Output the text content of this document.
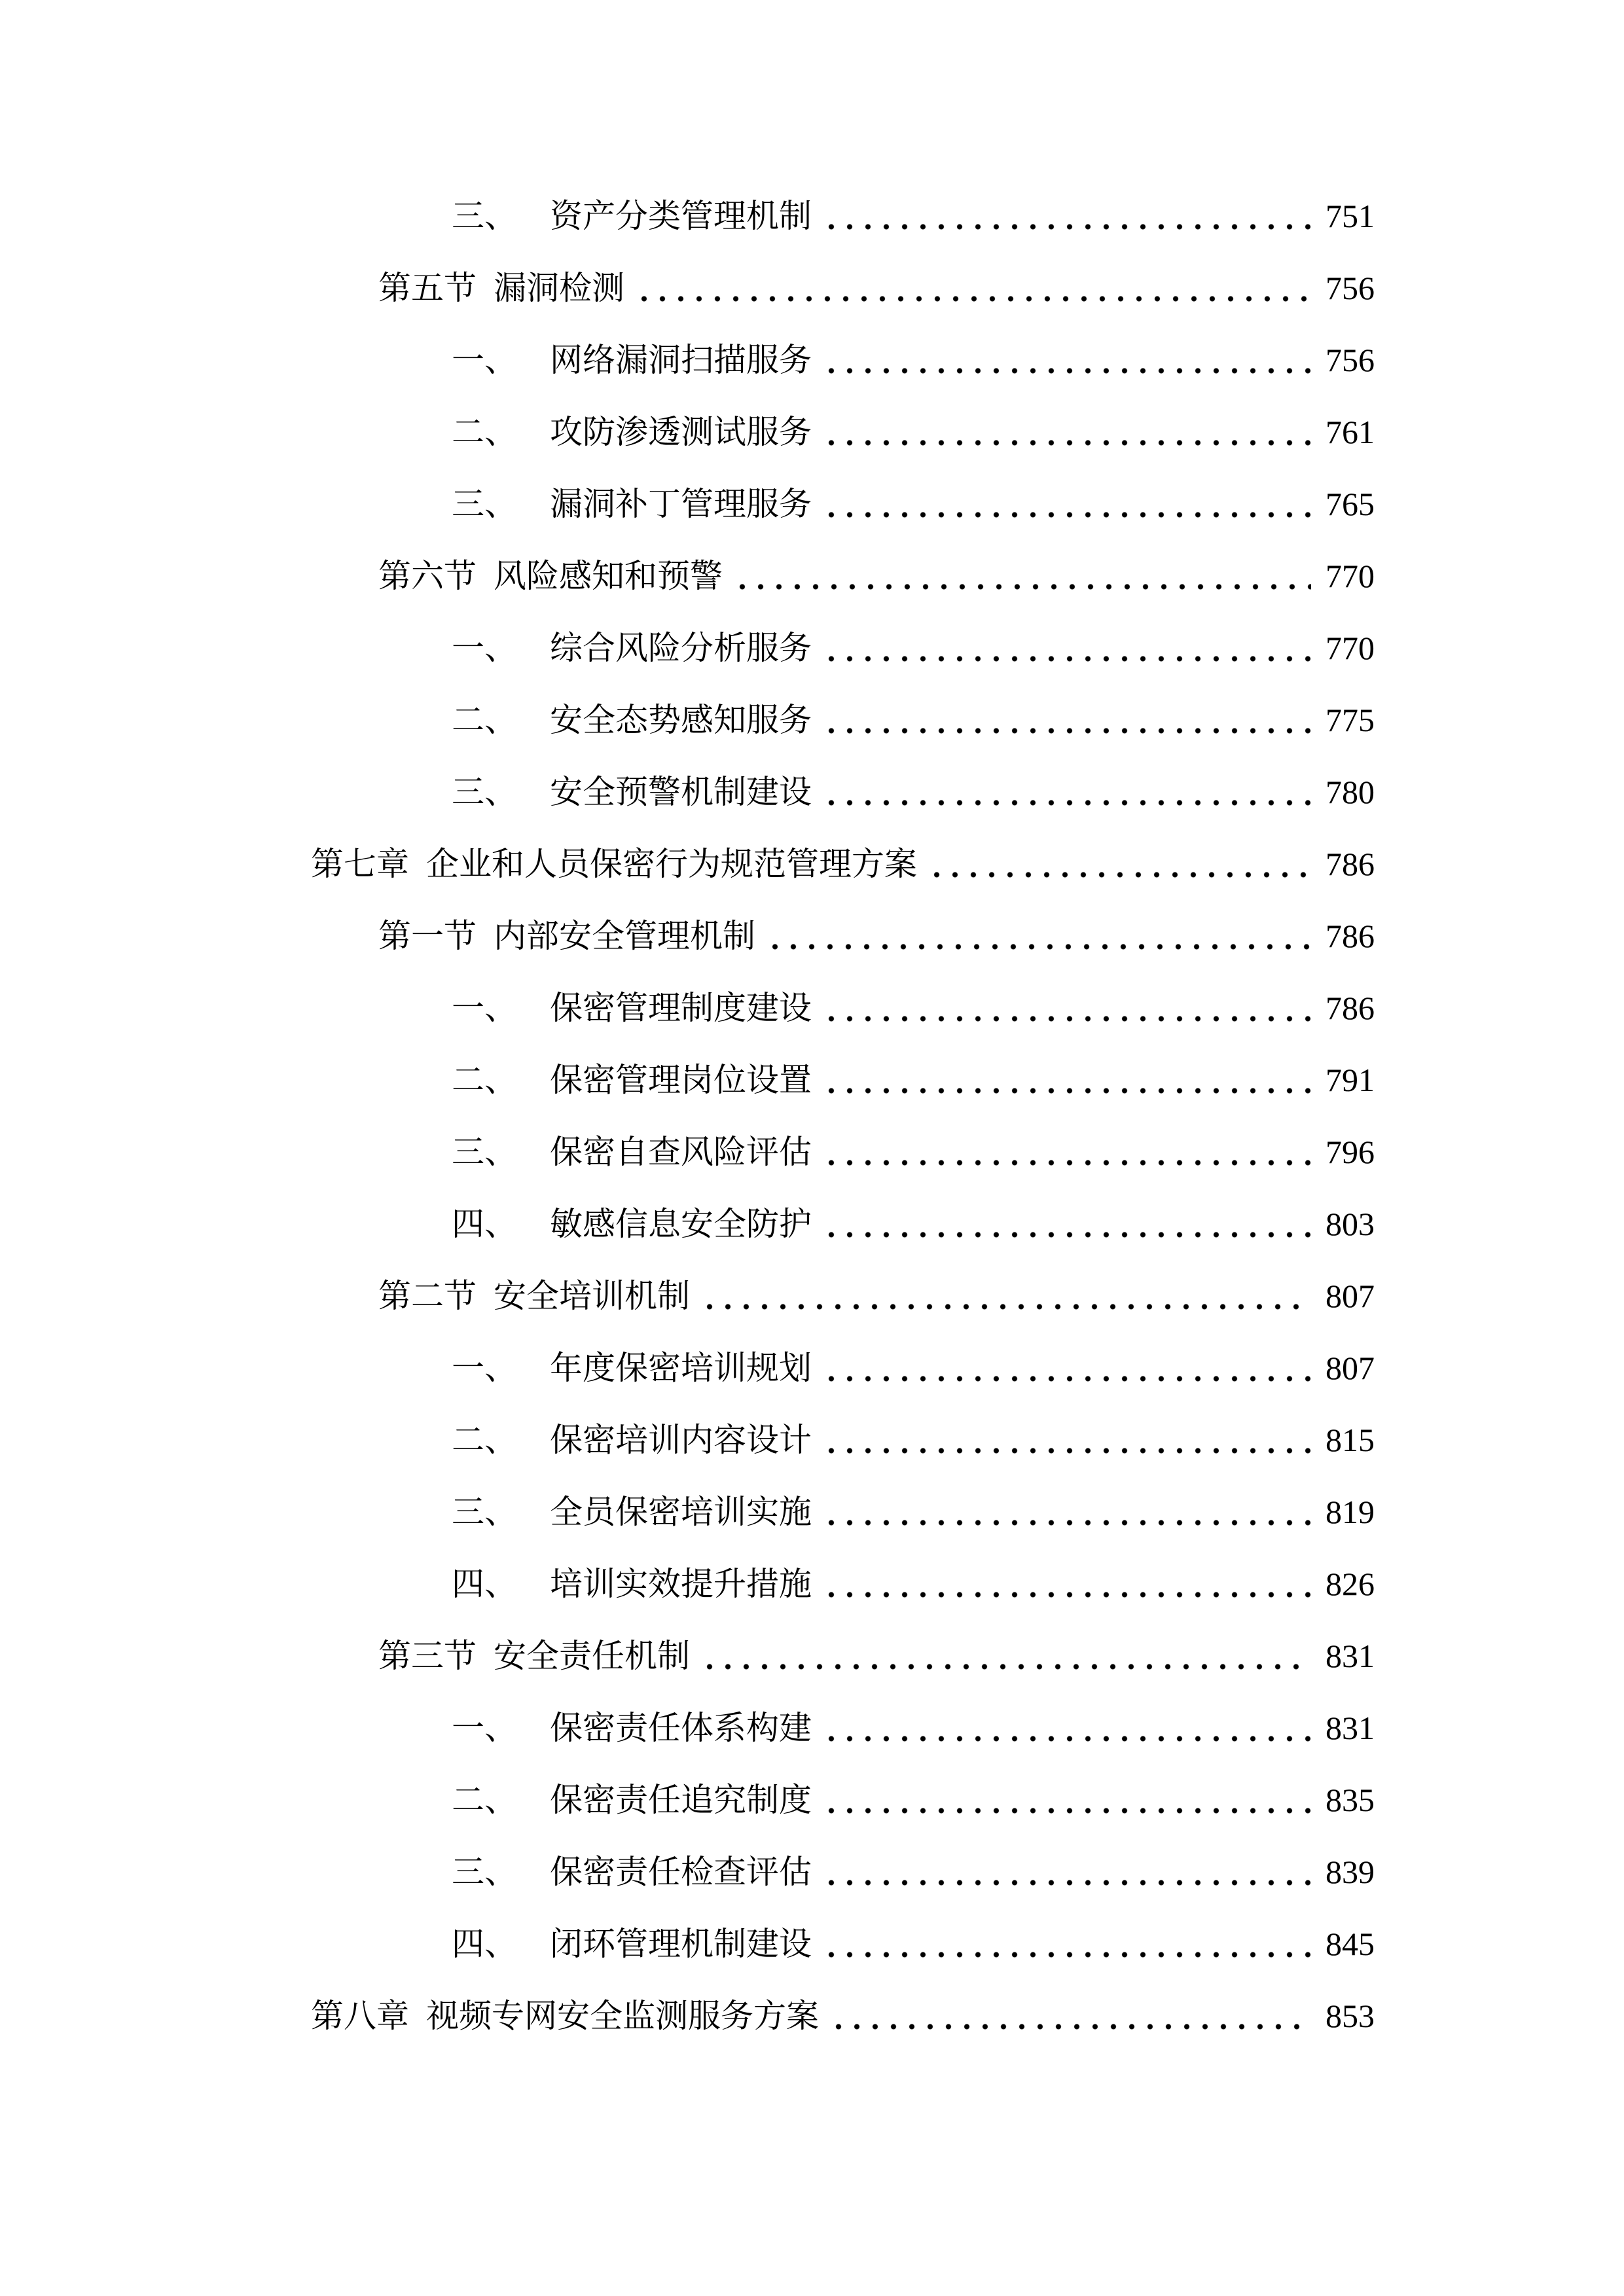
三、 资产分类管理机制	751
第五节 漏洞检测	756
一、 网络漏洞扫描服务	756
二、 攻防渗透测试服务	761
三、 漏洞补丁管理服务	765
第六节 风险感知和预警	770
一、 综合风险分析服务	770
二、 安全态势感知服务	775
三、 安全预警机制建设	780
第七章 企业和人员保密行为规范管理方案	786
第一节 内部安全管理机制	786
一、 保密管理制度建设	786
二、 保密管理岗位设置	791
三、 保密自查风险评估	796
四、 敏感信息安全防护	803
第二节 安全培训机制	807
一、 年度保密培训规划	807
二、 保密培训内容设计	815
三、 全员保密培训实施	819
四、 培训实效提升措施	826
第三节 安全责任机制	831
一、 保密责任体系构建	831
二、 保密责任追究制度	835
三、 保密责任检查评估	839
四、 闭环管理机制建设	845
第八章 视频专网安全监测服务方案	853
